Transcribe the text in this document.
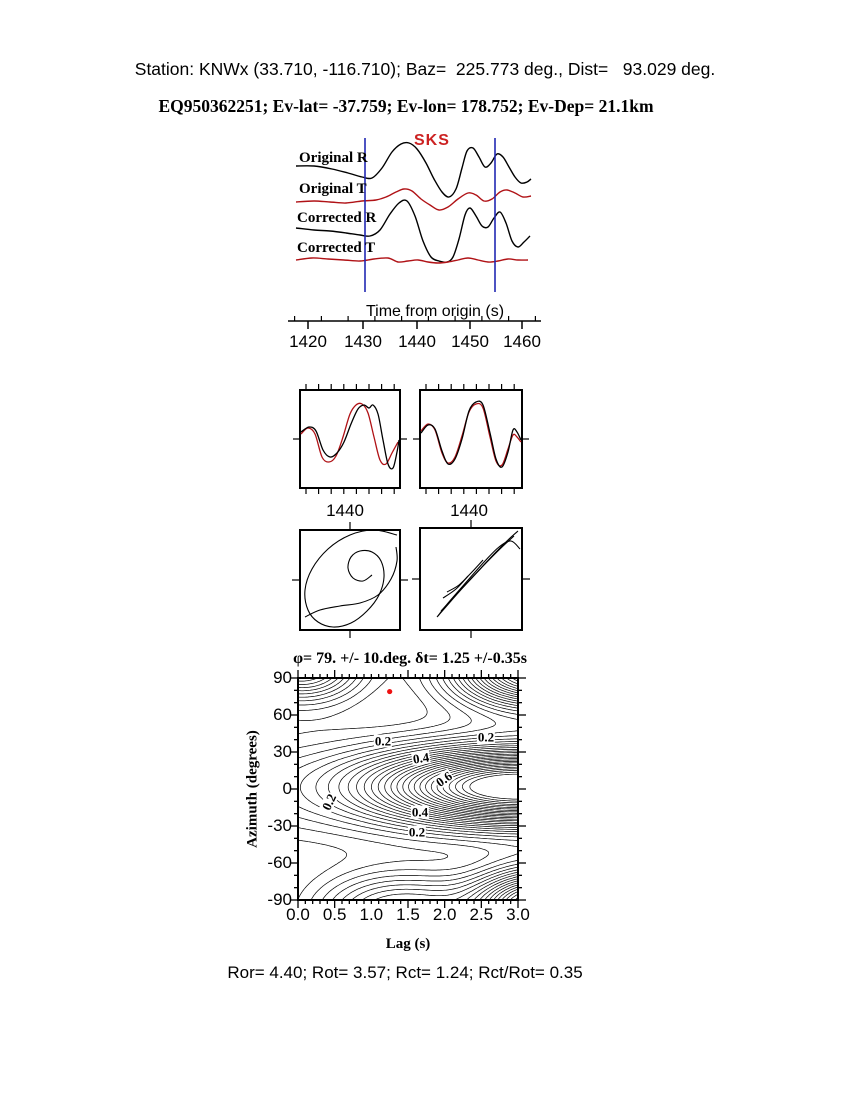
Station: KNWx (33.710, -116.710); Baz=  225.773 deg., Dist=   93.029 deg.
EQ950362251; Ev-lat= -37.759; Ev-lon= 178.752; Ev-Dep= 21.1km
Original R
Original T
Corrected R
Corrected T
SKS
Time from origin (s)
1440	1440
φ= 79. +/- 10.deg. δt= 1.25 +/-0.35s
Azimuth (degrees)
Lag (s)
Ror= 4.40; Rot= 3.57; Rct= 1.24; Rct/Rot= 0.35
1420 1430 1440 1450 1460
0.0 0.5 1.0 1.5 2.0 2.5 3.0
90
60
30
0
-30
-60
-90
0.2	0.2
0.4
0.6
0.2	0.4
0.2
